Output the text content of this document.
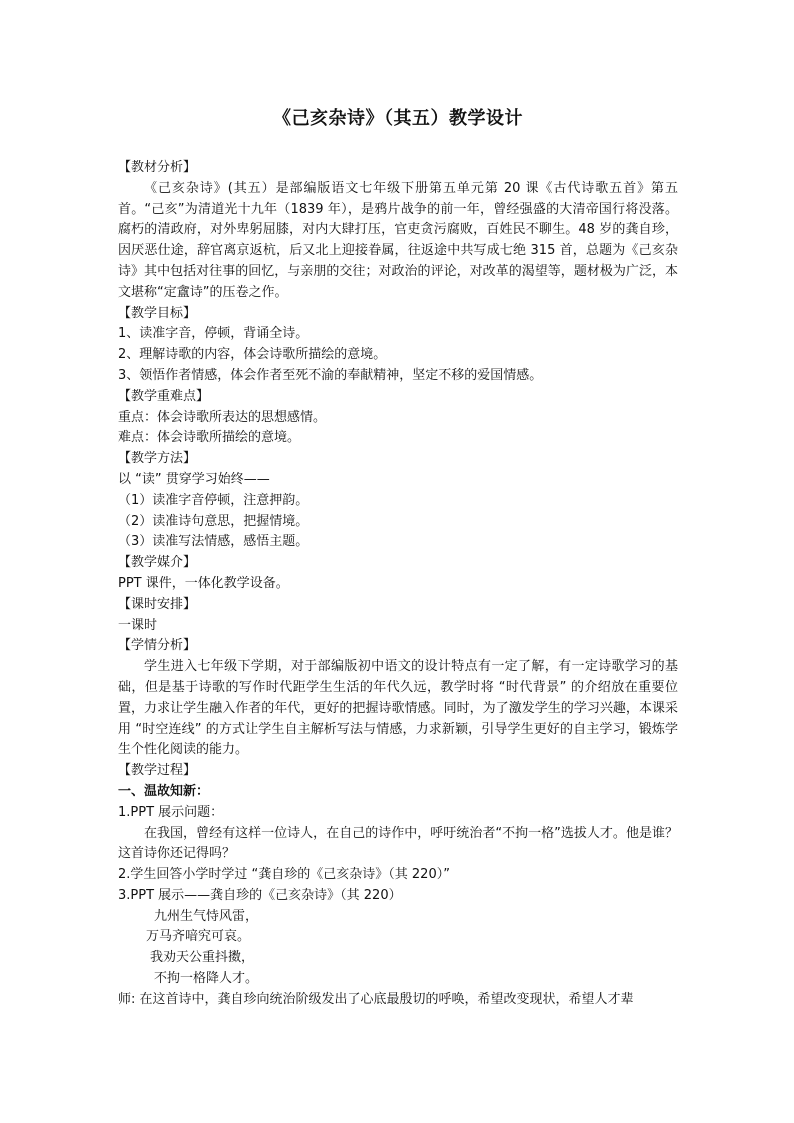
《己亥杂诗》（其五）教学设计
【教材分析】

《己亥杂诗》(其五）是部编版语文七年级下册第五单元第 20 课《古代诗歌五首》第五首。“己亥”为清道光十九年（1839 年），是鸦片战争的前一年，曾经强盛的大清帝国行将没落。腐朽的清政府，对外卑躬屈膝，对内大肆打压，官吏贪污腐败，百姓民不聊生。48 岁的龚自珍，因厌恶仕途，辞官离京返杭，后又北上迎接眷属，往返途中共写成七绝 315 首，总题为《己亥杂诗》其中包括对往事的回忆，与亲朋的交往；对政治的评论，对改革的渴望等，题材极为广泛，本文堪称“定盦诗”的压卷之作。

【教学目标】
1、读准字音，停顿，背诵全诗。
2、理解诗歌的内容，体会诗歌所描绘的意境。
3、领悟作者情感，体会作者至死不渝的奉献精神，坚定不移的爱国情感。
【教学重难点】
重点：体会诗歌所表达的思想感情。
难点：体会诗歌所描绘的意境。
【教学方法】
以 “读” 贯穿学习始终——
（1）读准字音停顿，注意押韵。
（2）读准诗句意思，把握情境。
（3）读准写法情感，感悟主题。
【教学媒介】
PPT 课件，一体化教学设备。
【课时安排】
一课时
【学情分析】

学生进入七年级下学期，对于部编版初中语文的设计特点有一定了解，有一定诗歌学习的基础，但是基于诗歌的写作时代距学生生活的年代久远，教学时将 “时代背景” 的介绍放在重要位置，力求让学生融入作者的年代，更好的把握诗歌情感。同时，为了激发学生的学习兴趣，本课采用 “时空连线” 的方式让学生自主解析写法与情感，力求新颖，引导学生更好的自主学习，锻炼学生个性化阅读的能力。

【教学过程】
一、温故知新：
1.PPT 展示问题：

在我国，曾经有这样一位诗人，在自己的诗作中，呼吁统治者“不拘一格”选拔人才。他是谁？这首诗你还记得吗？

2.学生回答小学时学过 “龚自珍的《己亥杂诗》（其 220）”
3.PPT 展示——龚自珍的《己亥杂诗》（其 220）
九州生气恃风雷，
万马齐喑究可哀。
我劝天公重抖擞，
不拘一格降人才。
师: 在这首诗中，龚自珍向统治阶级发出了心底最殷切的呼唤，希望改变现状，希望人才辈
